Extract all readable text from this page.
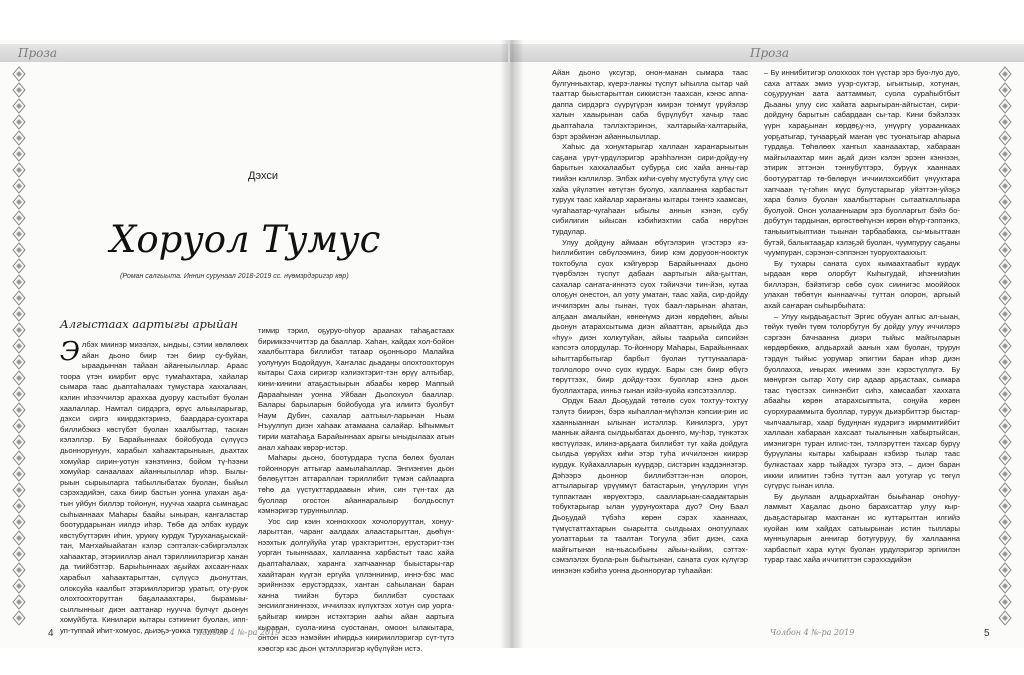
Проза
Дэхси
Хоруол Тумус
(Роман салгыыта. Иннин сурунаал 2018-2019 сс. нүөмэрдэригэр көр)
Алгыстаах аартыгы арыйан

Элбэх миинэр миээлэх, ындыы, сэтии көлөлөөх айан дьоно биир тэн биир су-буйан, ыраадыннан тайаан айаннылыллар. Араас тоора үтэн киирбит өрүс тумаһахтара, хайалар сымара таас дьаптаһалаах тумустара хаххалаан, кэлин иһээччилэр араххаа дуоруу кастыбэт буолан хаалаллар. Намтал сирдэргэ, өрүс алыыларыгар, дэхси сиргэ киирдэхтэринэ, баардара-суохтара биллибэккэ көстүбэт буолан хаалбыттар, таскан кэлэллэр. Бу Барайыннаах бойобуода сүлүүсэ дьоннорунуун, харабыл хаһаактарыныын, дьахтах хомуйар сирин-уотун кэнэтиннэ, бойом тү-һээни хомуйар санаалаах айаннылыллар иһэр. Былы-рыын сырыыларга табыллыбатах буолан, быйыл сэрэхэдийэн, саха биир бастын уонна улахан аҕа-тын уйбун биллэр тойонун, нуучча хаарга сымнаҕас сыһыаннаах Маһары баайы ыныран, кангаластар боотурдарынан иилдэ иһэр. Төбө да элбэх курдук көстүбүттэрин иһин, уруккү курдук Туруханаҕыскай-тан, Маҥхайыайатан кэлэр сэптэлэх-сэбиргэлэлэх хаһаактар, этэрииллэр анал тэриллиилэригэр ханан да тиийбэттэр. Барыһыннаах аҕыйах ахсаан-наах харабыл хаһаактарыттан, сүлүүсэ дьонуттан, олоксуйа каалбыт этэрииллэригэр уратыт, оту-руок олохтоохторуттан баҕалааахтары, бырамыы-сыллынньыг диэн ааттанар нуучча булчут дьонун хомуйбута. Киниләри кытары сэтиинит буолан, ипп-уп-туппай иһит-хомуос, дьиэҕэ-уокка туттуллар

тимир тэрил, оҕуруо-оһуор араанах таһаҕастаах бириикээччиттэр да бааллар. Хаһан, хайдах хол-бойон хаалбыттара биллибэт татаар оҕонньоро Малайка уолунуун Бодойдуун, Хаҥалас дьадаңы олохтоохторун кытары Саха сиригэр кэлиэхтэрит-тэн өрүү алтыбар, кини-кинини атаҕастыырын абаабы көрөр Маппый Дарааһынан уонна Уйбаан Дьолохуол бааллар. Балары барыларын бойобуода уга илиитэ буолбут Наум Дубин, сахалар аатгыыл-ларынан Ньам Нъуулпуп диэн хаһаак атамаана салайар. Ыһыммыт тирии матаһаҕа Барайыннаах арыгы ыныдылаах атын анал хаһаак көрэр-истэр.

Маһары дьоно, боотурдара туспа бөлөх буолан тойоннорун аттыгар аамылаһаллар. Энгиэнгин дьон бөлөҕүттэн аттараллан тэриллибит түмэн сайлаарга төһө да үүстукттардаавын иһин, син түн-тах да буоллар огостон айаннаралыыр болдьоспут кэмнэригэр турунныллар.

Уос сир кэин хонноххоох хочолорууттан, хонуу-ларыттан, чаранг аалдаах алаастарыттан, дьөһүн-нээхтык долгуйуйа утар үрэхтэриттэн, ерустэрит-тэн уорган тыыннааах, халлаанна харбастыт таас хайа дьаптаһалаах, харанга хапчааннар быыстары-гар хаайтаран күүгэн ергүйа үллэннинир, иннэ-бэс мас эрийннээх ерустэрдээх, хантан саһыланан баран ханна тиийэн бутэрэ биллибэт суостаах энсиилгэниннээх, иччилээх күлүктээх хотун сир уорга-ҕайыгар киирэн истэхтэрин ааһы айан аартыга кыраван, суола-иина суостанан, омоон ылакытара, онтон эсээ нэмэйин иһирдьэ киирииллэригэр сүт-түтэ кэөсгэр кэс дьон үктэллэригэр күбүлүйэн истэ.

4	Чолбон 4 №-ра 2019
Проза

Айан дьоно үксүгэр, онон-манан сымара таас булгунньахтар, күерэ-ланкы түспут ыһылла сытар чай тааттар быыстарыттан сиккистэн таахсан, кэнэс аппа-даппа сирдэргэ сүүрүгүрэн киирэн тонмут үрүйэлэр халын хааырынан саба бүрүлүбүт хачыр таас дьаптаһала тэллэхтэринэн, халтарыйа-халтарыйа, бэрт эрэйинэн айаннылыллар.

Хаһыс да хонуктарыгар халлаан хараҥарыытын саҕана үрүт-үрдүлэригэр әрэһһэлнэн сири-дойду-ну барытын хаххалаабыт субурҕа сис хайа анны-гар тиийэн кэллилэр. Элбэх киһи-сүөһү мустубута үлүү сис хайа үйүлэтин көтүтэн буолуо, халлаанна харбастыт туруук таас хайалар хараҥаны кытары тэннгэ хаамсан, чугаһаатар-чугаһаан ыбылы аннын кэнэн, субу сибилигин ыйысан кэбиһиэхтии саба нөрүһэн турдулар.

Улуу дойдуну аймаан өбүгэлэрин үгэстэрэ кэ-һиллибитин сөбүлээминэ, биир кэм доруоон-нооктук тохтобула суох кэйгуөрэр Барайыннаах дьоно түөрбэлэн түспут дабаан аартыгын айа-ҕыттан, сахалар саҥата-иннэтэ суох тэйичэчи тин-йэн, кутаа олоҕун онестон, ал уоту уматан, таас хайа, сир-дойду иччилэрин алы гынан, түох баал-ларынан аһатан, алҕаан амалыйан, көнөнүмэ диэн көрдөһөн, айыы дьонун атарахсытыма диэн айааттан, арыыйда дьэ «һуу» диэн холкутуйан, айыы таарыйа сипсийэн кэпсэтэ олордулар. То-йоннору Маһары, Барайыннаах ыһыттарбытыгар барбыт буолан туттунаалара-толлолоро оччо суох курдук. Бары сэн биир өбүгэ төрүттээх, биир дойду-тээх буоллар кэнэ дьон буоллахтара, инньэ гынан иэйэ-куойа кэпсэтээллэр.

Ордук Баал Дьоҕудай төтөлө суох тохтуу-тохтуу тэлүтэ биирэн, бэрэ кыһаллан-мүһэлэн кэпсии-рин ис хаанныаннан ылынан истэллэр. Кинилэргэ, урут маннык айанга сылдьыбатах дьоннго, му-һэр, түнкэтэх көстүүлээх, илинэ-арҕаата биллибэт туг хайа дойдуга сылдьа үөрүйэх киһи этэр туһа иччилэнэн киирэр курдук. Куйахалларын күүрдэр, систэрин кэддэннэтэр. Дэһээрэ дьоннор биллибэттэн-нэн олорон, аттыларыгар үрүүммүт батастарын, үнүүлэрин үгүн туппактаан көрүөхтэрэ, саалларыан-саадактарын тобуктарыгар ылан уурунуохтара дуо? Ону Баал Дьоҕудай түбэһэ көрөн сэрэх хааннаах, түмүстаттахтарын сыарытта сылдьыах онотуулаах уолаттарыи та таалтан Тогуула эбит диэн, саха майгытынан на-ньасыбыны айыы-кыйии, сэттэх-сэмэлэлэх буола-рын быһытынан, саната суох күлүгэр иннэнэн кэбиһэ уонна дьонноругар туһаайан:

– Бу иннибитигэр олоххоох тон үүстар эрэ буо-луо дуо, саха аттаах эмиэ уүэр-сүктэр, ыгыктыыр, хотунан, соҕуруунан аата ааттаммыт, суола сураһыбтбыт Дьааны улуу сис хайата аарыгыран-айгыстан, сири-дойдуну барытын сабардаан сы-тар. Кини бэйэлээх үүрн хараҕынан көрдөҕү-нэ, унүүргү уораанкаах уорҕатыгар, тунаарҕай маҥан үөс туонатыгар аһарыа турдаҕа. Төһөлөөх хангыл хаанааахтар, хабараан майгылаахтар мин аҕай диэн кэлэн эрэнн кэннээн, этирик эттэнэн тэннубуттэрэ, бурүүк хааннаах боотуураттар тө-бөлөрүн иччиилэхсиббит үнүухтара хапчаан тү-гэһин мүүс булустарыгар уйэттэн-уйэҕэ хара бэлиэ буолан хаалбыттарын сытааткаллыара буолуой. Онон уолаанныарм эрэ буолларгыт бэйэ бо-добутун тардынан, өргөстөөһүнэн көрөн өһүр-гэппэнкэ, таныыитыыптиан тыынан тарбаабакка, сы-мыыттаан бутэй, балыктааҕар кэлэҕэй буолан, чуумпуруу саҕаны чуумпуран, сэрэнэн-сэппэнэн туоруохтааххыт.

Бу тухары саната суох кымаахтаабыт курдук ырдаан көрө олорбут Кыһыгудай, иһэнниэһин биллэрэн, бэйэтигэр сөбө суох сиинигэс мооййоох улахан төбөтүн кыннааччы туттан олорон, аргыый ахай саҥаран сыһырбыһата:

– Улуу кырдьаҕастыт Эргис обууан алгыс ал-ьыан, төйук түөйн түөм толорбутун бу дойду улуу иччилэрэ сэргээн бачнаанна диэри тыйыс майгыларын көрдөрбөккө, алдьархай аанын хам буолан, трурун тэрдүн тыйыс уорумар эпигтии баран иһэр диэн буоллахха, инырах имнимм ээн кэрэстүллүгэ. Бу мөнүргэн сытар Хоту сир адаар арҕастаах, сымара таас түөстээх синнэнбит сиһэ, хамсаабат хаххата абааһы көрөн атарахсыппыта, соңуйа көрөн суорхурааммыта буоллар, туруук дьиэрбиттэр быстар-чыпчаалыгар, хаар будуңнан кудэригэ иирммитийбит халлаан хабараан хахсаат тыалыннын хабыртыйсан, имэнигэрн туран илгис-тэн, тэллэрүттен тахсар бурүу бурүуланы кытары хабыраан кэбиэр тылар таас булкастаах харр тыйадэх тугэрэ этэ, – диэн баран иккии илиитин тэбнэ түттэн аал уотугар үс төгүл сүгүрүс гынан илла.

Бу дьулаан алдьархайтан быыһанар оноһуу-ламмыт Хаҕалас дьоно барахсаттар улуу кыр-дьаҕастарыгар махтанан ис куттарыттан илгийэ куойан ким хайдах сатыырынан истин тыллары мунньуларын аннигар ботугурууу, бу халлаанна харбаспыт хара кутүк буолан урдулэригэр эргиилэн турар таас хайа иччититтэн сэрэххэдийэн

Чолбон 4 №-ра 2019	5
